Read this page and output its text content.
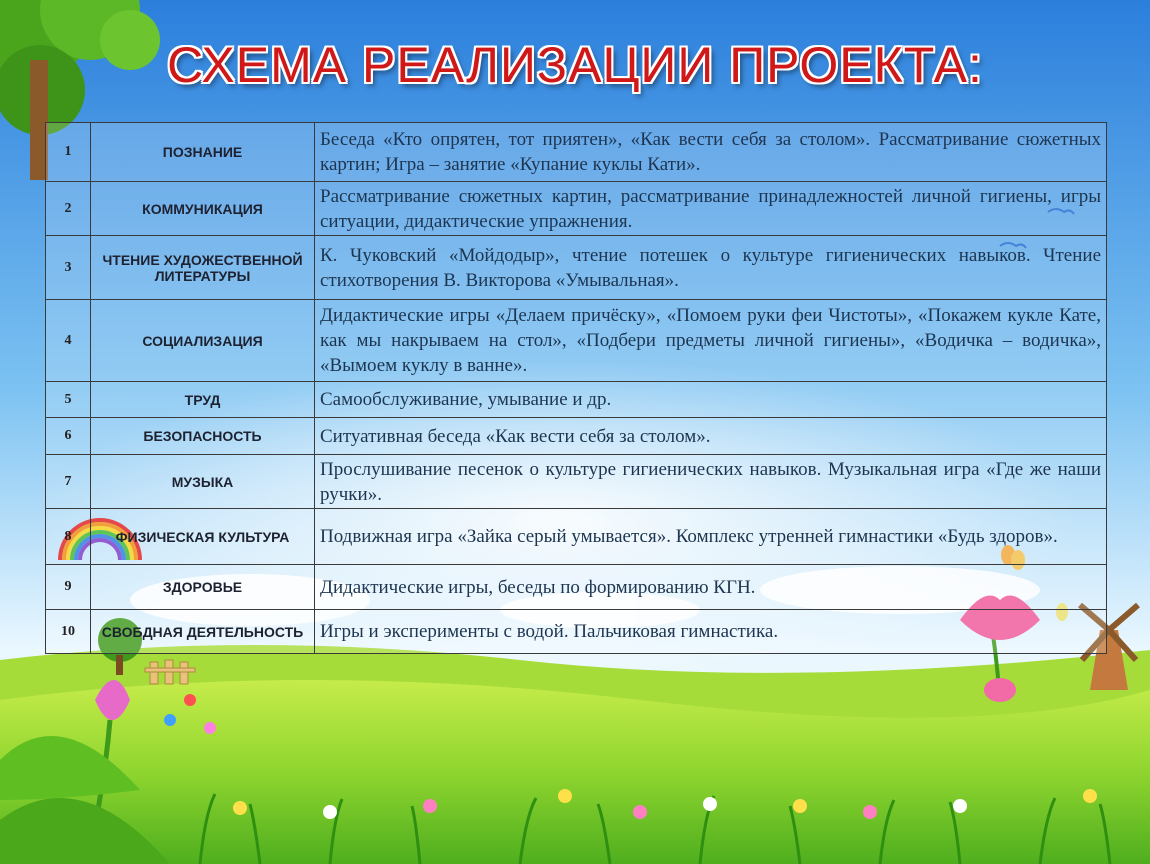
СХЕМА РЕАЛИЗАЦИИ ПРОЕКТА:
1	ПОЗНАНИЕ	Беседа «Кто опрятен, тот приятен», «Как вести себя за столом». Рассматривание сюжетных картин; Игра – занятие «Купание куклы Кати».
2	КОММУНИКАЦИЯ	Рассматривание сюжетных картин, рассматривание принадлежностей личной гигиены, игры ситуации, дидактические упражнения.
3	ЧТЕНИЕ ХУДОЖЕСТВЕННОЙ ЛИТЕРАТУРЫ	К. Чуковский «Мойдодыр», чтение потешек о культуре гигиенических навыков. Чтение стихотворения В. Викторова «Умывальная».
4	СОЦИАЛИЗАЦИЯ	Дидактические игры «Делаем причёску», «Помоем руки феи Чистоты», «Покажем кукле Кате, как мы накрываем на стол», «Подбери предметы личной гигиены», «Водичка – водичка», «Вымоем куклу в ванне».
5	ТРУД	Самообслуживание, умывание и др.
6	БЕЗОПАСНОСТЬ	Ситуативная беседа «Как вести себя за столом».
7	МУЗЫКА	Прослушивание песенок о культуре гигиенических навыков. Музыкальная игра «Где же наши ручки».
8	ФИЗИЧЕСКАЯ КУЛЬТУРА	Подвижная игра «Зайка серый умывается». Комплекс утренней гимнастики «Будь здоров».
9	ЗДОРОВЬЕ	Дидактические игры, беседы по формированию КГН.
10	СВОБДНАЯ ДЕЯТЕЛЬНОСТЬ	Игры и эксперименты с водой. Пальчиковая гимнастика.
